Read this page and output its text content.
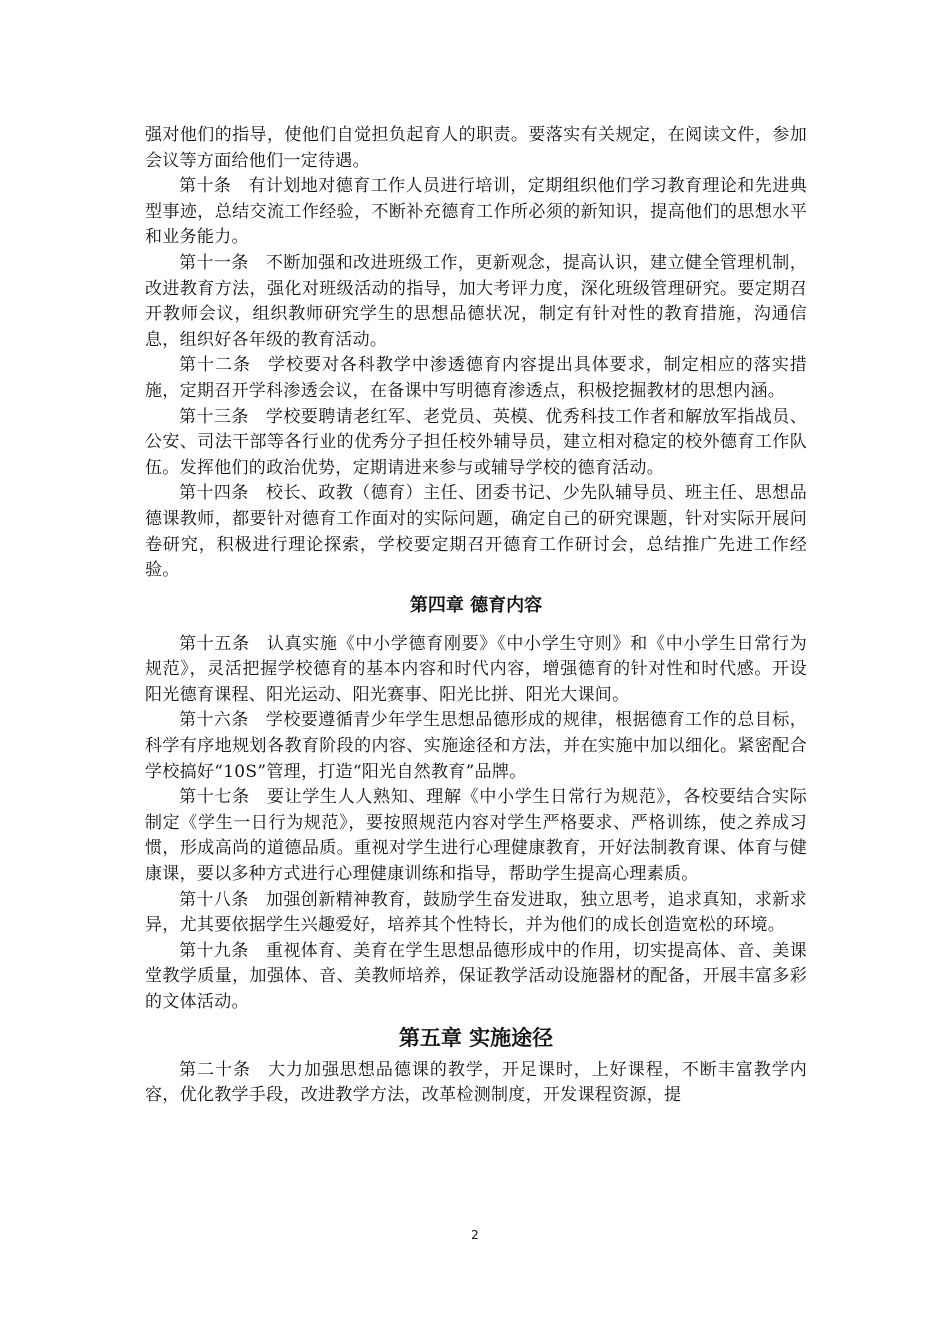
强对他们的指导，使他们自觉担负起育人的职责。要落实有关规定，在阅读文件，参加会议等方面给他们一定待遇。

第十条 有计划地对德育工作人员进行培训，定期组织他们学习教育理论和先进典型事迹，总结交流工作经验，不断补充德育工作所必须的新知识，提高他们的思想水平和业务能力。

第十一条 不断加强和改进班级工作，更新观念，提高认识，建立健全管理机制，改进教育方法，强化对班级活动的指导，加大考评力度，深化班级管理研究。要定期召开教师会议，组织教师研究学生的思想品德状况，制定有针对性的教育措施，沟通信息，组织好各年级的教育活动。

第十二条 学校要对各科教学中渗透德育内容提出具体要求，制定相应的落实措施，定期召开学科渗透会议，在备课中写明德育渗透点，积极挖掘教材的思想内涵。

第十三条 学校要聘请老红军、老党员、英模、优秀科技工作者和解放军指战员、公安、司法干部等各行业的优秀分子担任校外辅导员，建立相对稳定的校外德育工作队伍。发挥他们的政治优势，定期请进来参与或辅导学校的德育活动。

第十四条 校长、政教（德育）主任、团委书记、少先队辅导员、班主任、思想品德课教师，都要针对德育工作面对的实际问题，确定自己的研究课题，针对实际开展问卷研究，积极进行理论探索，学校要定期召开德育工作研讨会，总结推广先进工作经验。

第四章 德育内容

第十五条 认真实施《中小学德育刚要》《中小学生守则》和《中小学生日常行为规范》，灵活把握学校德育的基本内容和时代内容，增强德育的针对性和时代感。开设阳光德育课程、阳光运动、阳光赛事、阳光比拼、阳光大课间。

第十六条 学校要遵循青少年学生思想品德形成的规律，根据德育工作的总目标，科学有序地规划各教育阶段的内容、实施途径和方法，并在实施中加以细化。紧密配合学校搞好“10S”管理，打造“阳光自然教育”品牌。

第十七条 要让学生人人熟知、理解《中小学生日常行为规范》，各校要结合实际制定《学生一日行为规范》，要按照规范内容对学生严格要求、严格训练，使之养成习惯，形成高尚的道德品质。重视对学生进行心理健康教育，开好法制教育课、体育与健康课，要以多种方式进行心理健康训练和指导，帮助学生提高心理素质。

第十八条 加强创新精神教育，鼓励学生奋发进取，独立思考，追求真知，求新求异，尤其要依据学生兴趣爱好，培养其个性特长，并为他们的成长创造宽松的环境。

第十九条 重视体育、美育在学生思想品德形成中的作用，切实提高体、音、美课堂教学质量，加强体、音、美教师培养，保证教学活动设施器材的配备，开展丰富多彩的文体活动。

第五章 实施途径

第二十条 大力加强思想品德课的教学，开足课时，上好课程，不断丰富教学内容，优化教学手段，改进教学方法，改革检测制度，开发课程资源，提

2
